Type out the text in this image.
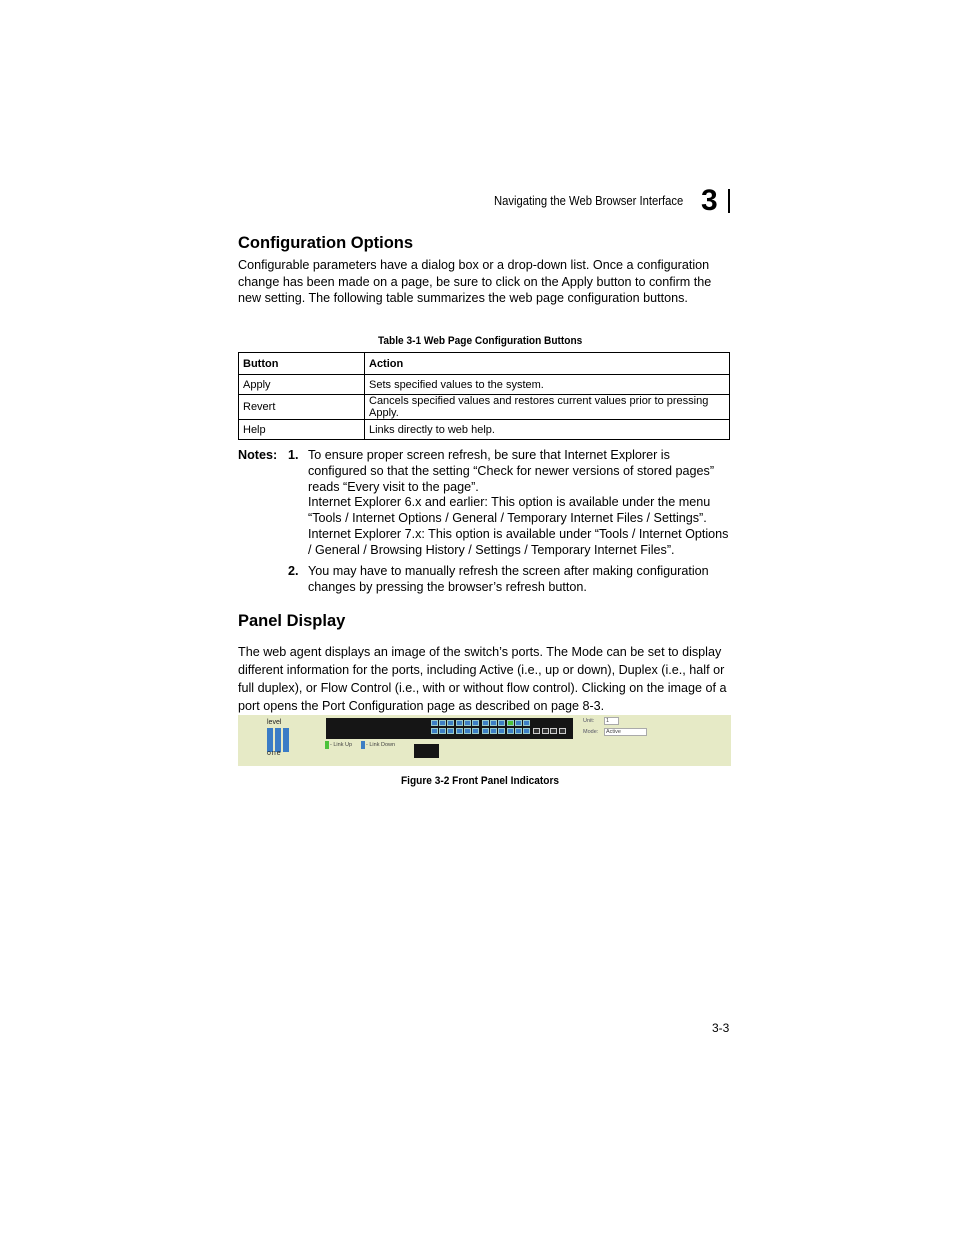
Navigating the Web Browser Interface 3
Configuration Options

Configurable parameters have a dialog box or a drop-down list. Once a configuration change has been made on a page, be sure to click on the Apply button to confirm the new setting. The following table summarizes the web page configuration buttons.

Table 3-1 Web Page Configuration Buttons
Button	Action
Apply	Sets specified values to the system.
Revert	Cancels specified values and restores current values prior to pressing Apply.
Help	Links directly to web help.
Notes: 1. To ensure proper screen refresh, be sure that Internet Explorer is configured so that the setting “Check for newer versions of stored pages” reads “Every visit to the page”.
Internet Explorer 6.x and earlier: This option is available under the menu “Tools / Internet Options / General / Temporary Internet Files / Settings”.
Internet Explorer 7.x: This option is available under “Tools / Internet Options / General / Browsing History / Settings / Temporary Internet Files”.
2. You may have to manually refresh the screen after making configuration changes by pressing the browser’s refresh button.
Panel Display

The web agent displays an image of the switch’s ports. The Mode can be set to display different information for the ports, including Active (i.e., up or down), Duplex (i.e., half or full duplex), or Flow Control (i.e., with or without flow control). Clicking on the image of a port opens the Port Configuration page as described on page 8-3.

level
one
- Link Up	- Link Down
Unit:	1
Mode:	Active
Figure 3-2 Front Panel Indicators
3-3
